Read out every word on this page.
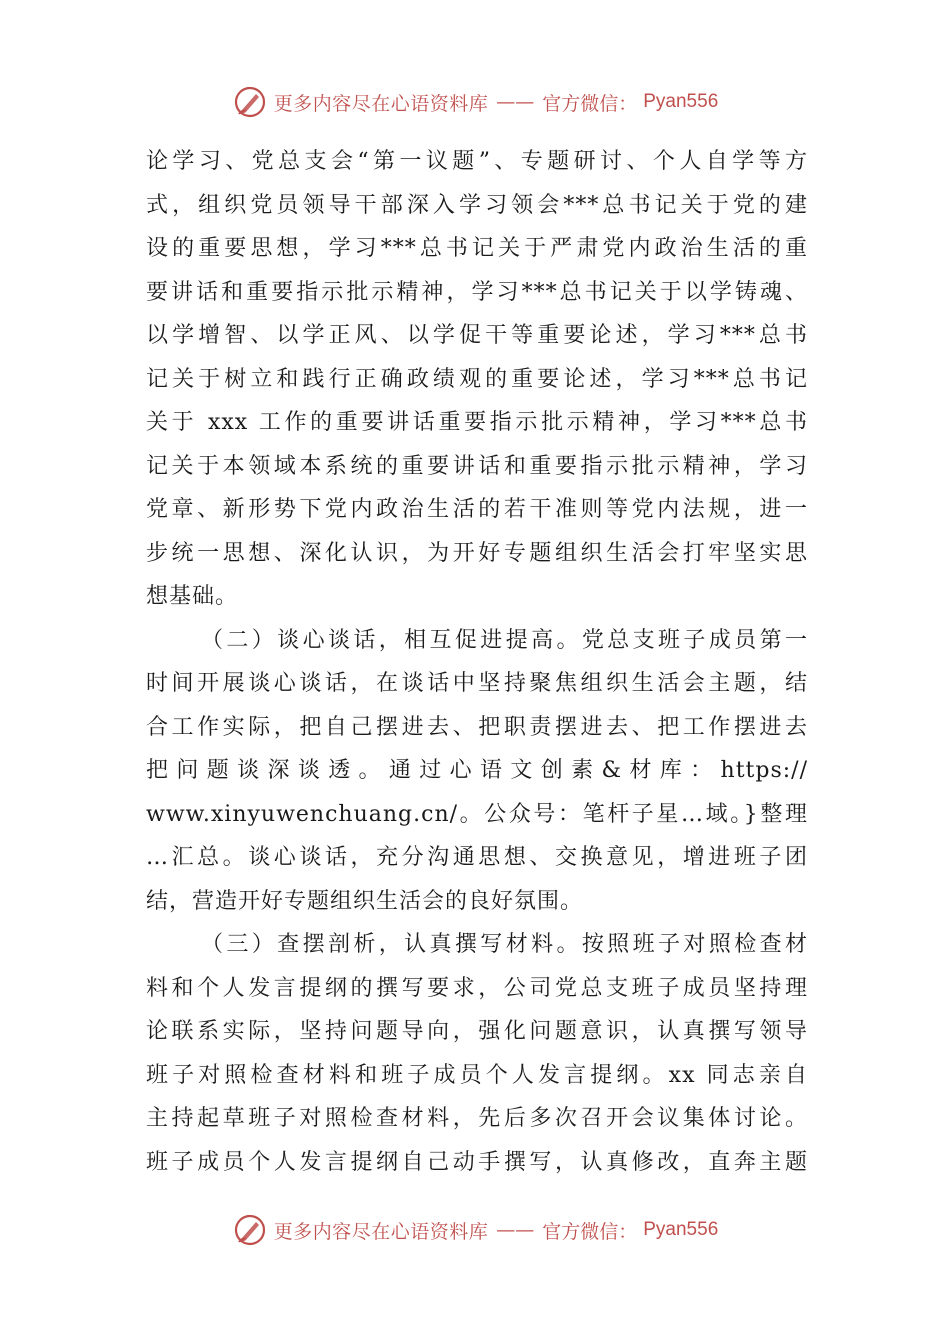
更多内容尽在心语资料库 —— 官方微信： Pyan556
论学习、党总支会“第一议题”、专题研讨、个人自学等方
式，组织党员领导干部深入学习领会***总书记关于党的建
设的重要思想，学习***总书记关于严肃党内政治生活的重
要讲话和重要指示批示精神，学习***总书记关于以学铸魂、
以学增智、以学正风、以学促干等重要论述，学习***总书
记关于树立和践行正确政绩观的重要论述，学习***总书记
关于 xxx 工作的重要讲话重要指示批示精神，学习***总书
记关于本领域本系统的重要讲话和重要指示批示精神，学习
党章、新形势下党内政治生活的若干准则等党内法规，进一
步统一思想、深化认识，为开好专题组织生活会打牢坚实思
想基础。
（二）谈心谈话，相互促进提高。党总支班子成员第一
时间开展谈心谈话，在谈话中坚持聚焦组织生活会主题，结
合工作实际，把自己摆进去、把职责摆进去、把工作摆进去
把问题谈深谈透。通过心语文创素&材库：https://
www.xinyuwenchuang.cn/。公众号：笔杆子星…域。}整理
…汇总。谈心谈话，充分沟通思想、交换意见，增进班子团
结，营造开好专题组织生活会的良好氛围。
（三）查摆剖析，认真撰写材料。按照班子对照检查材
料和个人发言提纲的撰写要求，公司党总支班子成员坚持理
论联系实际，坚持问题导向，强化问题意识，认真撰写领导
班子对照检查材料和班子成员个人发言提纲。xx 同志亲自
主持起草班子对照检查材料，先后多次召开会议集体讨论。
班子成员个人发言提纲自己动手撰写，认真修改，直奔主题
更多内容尽在心语资料库 —— 官方微信： Pyan556
